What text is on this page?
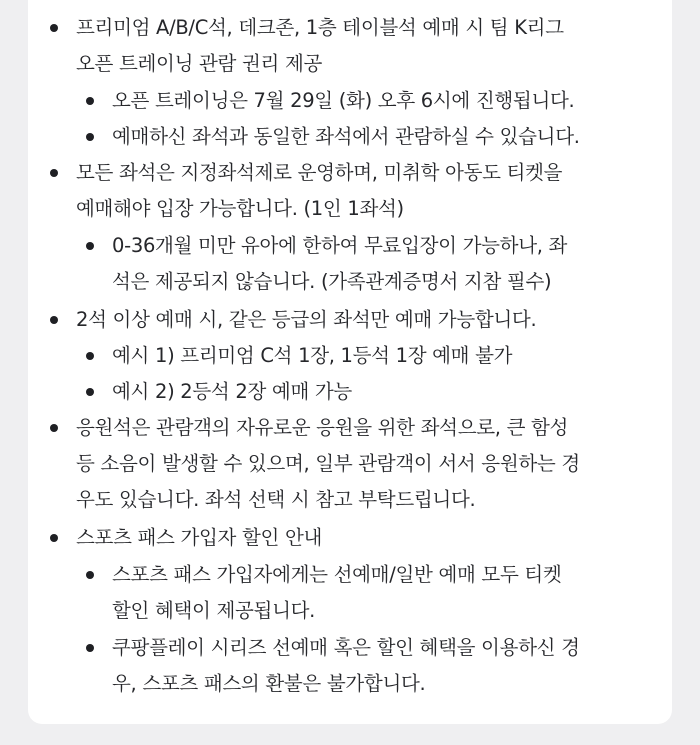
프리미엄 A/B/C석, 데크존, 1층 테이블석 예매 시 팀 K리그
오픈 트레이닝 관람 권리 제공
오픈 트레이닝은 7월 29일 (화) 오후 6시에 진행됩니다.
예매하신 좌석과 동일한 좌석에서 관람하실 수 있습니다.
모든 좌석은 지정좌석제로 운영하며, 미취학 아동도 티켓을
예매해야 입장 가능합니다. (1인 1좌석)
0-36개월 미만 유아에 한하여 무료입장이 가능하나, 좌
석은 제공되지 않습니다. (가족관계증명서 지참 필수)
2석 이상 예매 시, 같은 등급의 좌석만 예매 가능합니다.
예시 1) 프리미엄 C석 1장, 1등석 1장 예매 불가
예시 2) 2등석 2장 예매 가능
응원석은 관람객의 자유로운 응원을 위한 좌석으로, 큰 함성
등 소음이 발생할 수 있으며, 일부 관람객이 서서 응원하는 경
우도 있습니다. 좌석 선택 시 참고 부탁드립니다.
스포츠 패스 가입자 할인 안내
스포츠 패스 가입자에게는 선예매/일반 예매 모두 티켓
할인 혜택이 제공됩니다.
쿠팡플레이 시리즈 선예매 혹은 할인 혜택을 이용하신 경
우, 스포츠 패스의 환불은 불가합니다.
